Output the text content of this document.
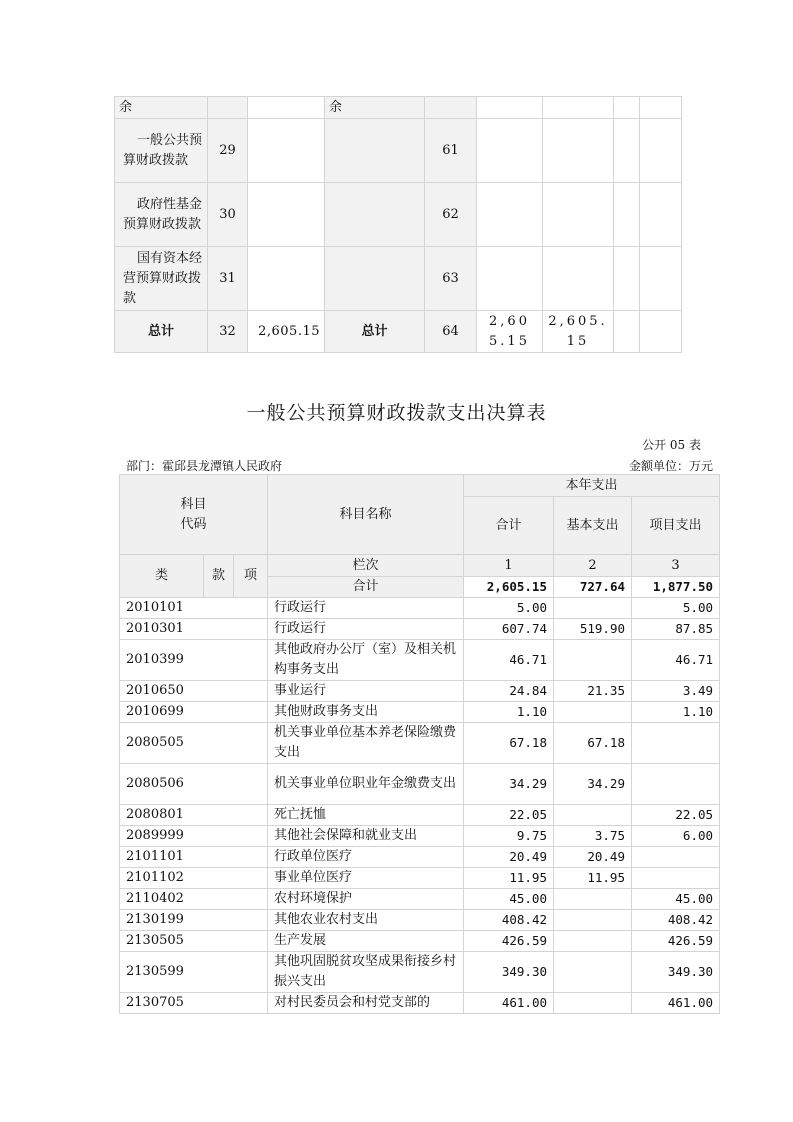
余			余					
一般公共预算财政拨款	29			61				
政府性基金预算财政拨款	30			62				
国有资本经营预算财政拨款	31			63				
总计	32	2,605.15	总计	64	2,605.15	2,605.15		
一般公共预算财政拨款支出决算表
公开 05 表
部门：霍邱县龙潭镇人民政府	金额单位：万元
科目
代码			科目名称	本年支出		
				合计	基本支出	项目支出
类	款	项	栏次	1	2	3
			合计	2,605.15	727.64	1,877.50
2010101			行政运行	5.00		5.00
2010301			行政运行	607.74	519.90	87.85
2010399			其他政府办公厅（室）及相关机构事务支出	46.71		46.71
2010650			事业运行	24.84	21.35	3.49
2010699			其他财政事务支出	1.10		1.10
2080505			机关事业单位基本养老保险缴费支出	67.18	67.18	
2080506			机关事业单位职业年金缴费支出	34.29	34.29	
2080801			死亡抚恤	22.05		22.05
2089999			其他社会保障和就业支出	9.75	3.75	6.00
2101101			行政单位医疗	20.49	20.49	
2101102			事业单位医疗	11.95	11.95	
2110402			农村环境保护	45.00		45.00
2130199			其他农业农村支出	408.42		408.42
2130505			生产发展	426.59		426.59
2130599			其他巩固脱贫攻坚成果衔接乡村振兴支出	349.30		349.30
2130705			对村民委员会和村党支部的	461.00		461.00
